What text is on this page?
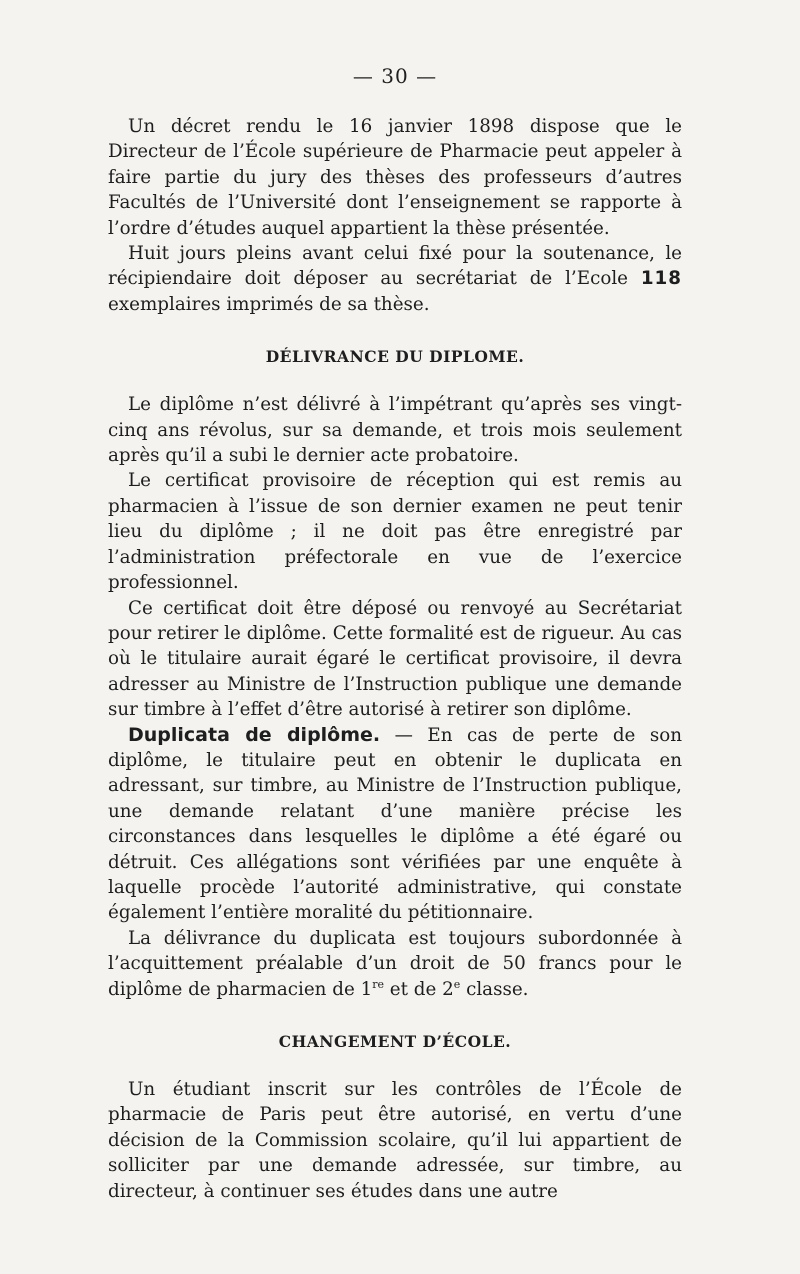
— 30 —

Un décret rendu le 16 janvier 1898 dispose que le Directeur de l’École supérieure de Pharmacie peut appeler à faire partie du jury des thèses des professeurs d’autres Facultés de l’Université dont l’enseignement se rapporte à l’ordre d’études auquel appartient la thèse présentée.

Huit jours pleins avant celui fixé pour la soutenance, le récipiendaire doit déposer au secrétariat de l’Ecole 118 exemplaires imprimés de sa thèse.

DÉLIVRANCE DU DIPLOME.

Le diplôme n’est délivré à l’impétrant qu’après ses vingt-cinq ans révolus, sur sa demande, et trois mois seulement après qu’il a subi le dernier acte probatoire.

Le certificat provisoire de réception qui est remis au pharmacien à l’issue de son dernier examen ne peut tenir lieu du diplôme ; il ne doit pas être enregistré par l’administration préfectorale en vue de l’exercice professionnel.

Ce certificat doit être déposé ou renvoyé au Secrétariat pour retirer le diplôme. Cette formalité est de rigueur. Au cas où le titulaire aurait égaré le certificat provisoire, il devra adresser au Ministre de l’Instruction publique une demande sur timbre à l’effet d’être autorisé à retirer son diplôme.

Duplicata de diplôme. — En cas de perte de son diplôme, le titulaire peut en obtenir le duplicata en adressant, sur timbre, au Ministre de l’Instruction publique, une demande relatant d’une manière précise les circonstances dans lesquelles le diplôme a été égaré ou détruit. Ces allégations sont vérifiées par une enquête à laquelle procède l’autorité administrative, qui constate également l’entière moralité du pétitionnaire.

La délivrance du duplicata est toujours subordonnée à l’acquittement préalable d’un droit de 50 francs pour le diplôme de pharmacien de 1re et de 2e classe.

CHANGEMENT D’ÉCOLE.

Un étudiant inscrit sur les contrôles de l’École de pharmacie de Paris peut être autorisé, en vertu d’une décision de la Commission scolaire, qu’il lui appartient de solliciter par une demande adressée, sur timbre, au directeur, à continuer ses études dans une autre
